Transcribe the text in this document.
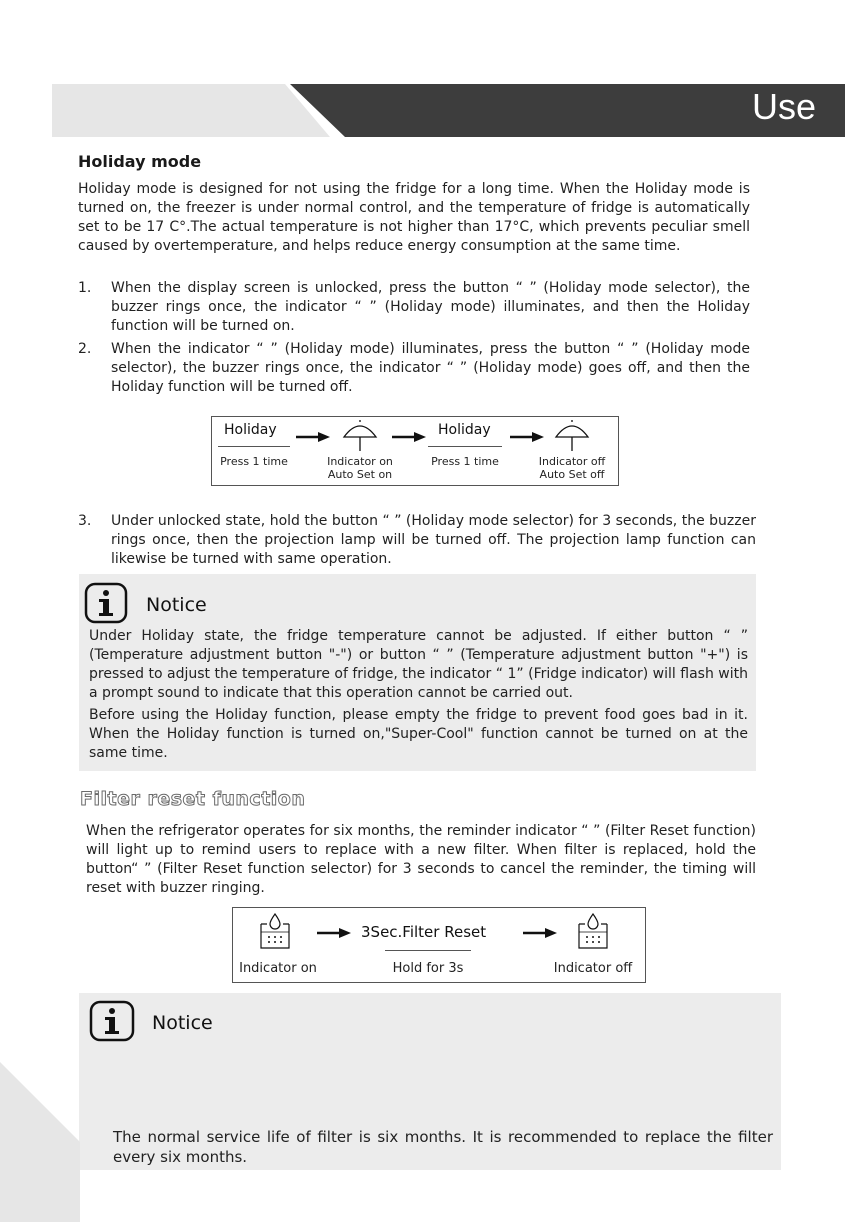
Use
Holiday mode
Holiday mode is designed for not using the fridge for a long time. When the Holiday mode is turned on, the freezer is under normal control, and the temperature of fridge is automatically set to be 17 C°.The actual temperature is not higher than 17°C, which prevents peculiar smell caused by overtemperature, and helps reduce energy consumption at the same time.
1. When the display screen is unlocked, press the button “ ” (Holiday mode selector), the buzzer rings once, the indicator “ ” (Holiday mode) illuminates, and then the Holiday function will be turned on.
2. When the indicator “ ” (Holiday mode) illuminates, press the button “ ” (Holiday mode selector), the buzzer rings once, the indicator “ ” (Holiday mode) goes off, and then the Holiday function will be turned off.
Holiday
Press 1 time	Indicator on
Auto Set on
Holiday
Press 1 time	Indicator off
Auto Set off
3. Under unlocked state, hold the button “ ” (Holiday mode selector) for 3 seconds, the buzzer rings once, then the projection lamp will be turned off. The projection lamp function can likewise be turned with same operation.
Notice
Under Holiday state, the fridge temperature cannot be adjusted. If either button “ ” (Temperature adjustment button "-") or button “ ” (Temperature adjustment button "+") is pressed to adjust the temperature of fridge, the indicator “ 1” (Fridge indicator) will flash with a prompt sound to indicate that this operation cannot be carried out.
Before using the Holiday function, please empty the fridge to prevent food goes bad in it. When the Holiday function is turned on,"Super-Cool" function cannot be turned on at the same time.
Filter reset function
When the refrigerator operates for six months, the reminder indicator “ ” (Filter Reset function) will light up to remind users to replace with a new filter. When filter is replaced, hold the button“ ” (Filter Reset function selector) for 3 seconds to cancel the reminder, the timing will reset with buzzer ringing.
Indicator on
3Sec.Filter Reset
Hold for 3s	Indicator off
Notice
The normal service life of filter is six months. It is recommended to replace the filter every six months.
